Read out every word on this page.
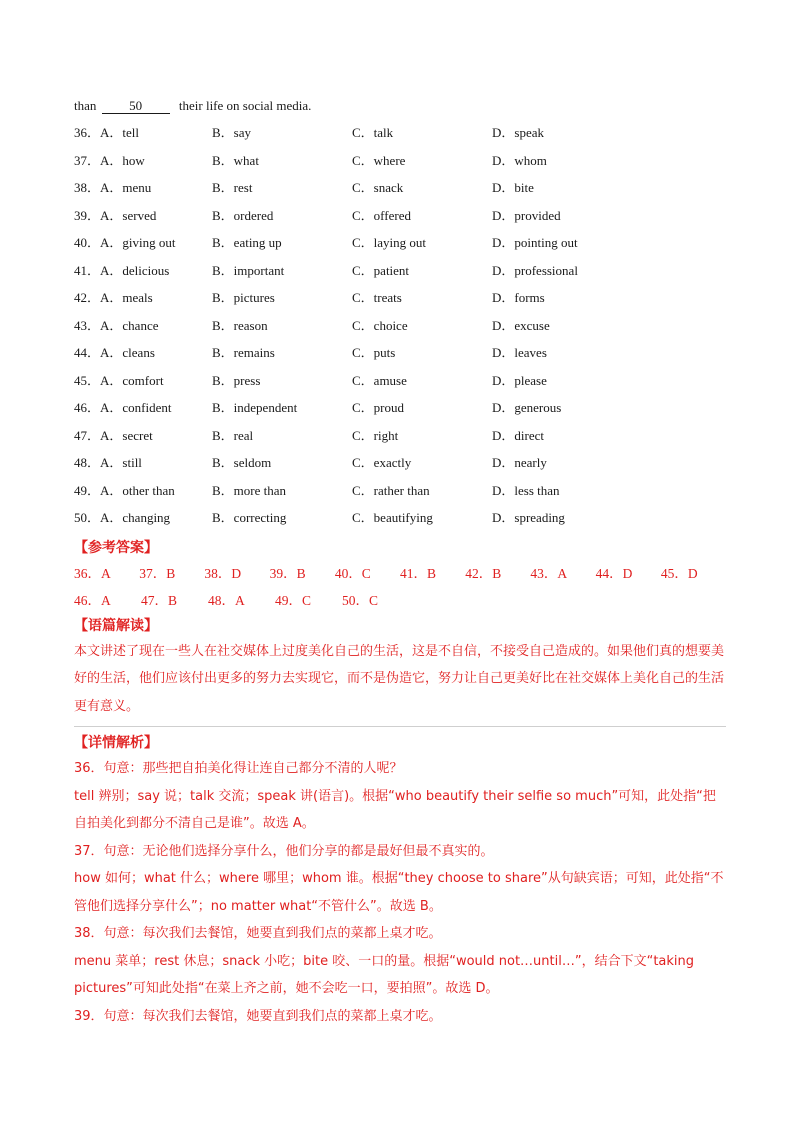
than	50	their life on social media.
36． A． tell	B． say	C． talk	D． speak
37． A． how	B． what	C． where	D． whom
38． A． menu	B． rest	C． snack	D． bite
39． A． served	B． ordered	C． offered	D． provided
40． A． giving out	B． eating up	C． laying out	D． pointing out
41． A． delicious	B． important	C． patient	D． professional
42． A． meals	B． pictures	C． treats	D． forms
43． A． chance	B． reason	C． choice	D． excuse
44． A． cleans	B． remains	C． puts	D． leaves
45． A． comfort	B． press	C． amuse	D． please
46． A． confident	B． independent	C． proud	D． generous
47． A． secret	B． real	C． right	D． direct
48． A． still	B． seldom	C． exactly	D． nearly
49． A． other than	B． more than	C． rather than	D． less than
50． A． changing	B． correcting	C． beautifying	D． spreading
【参考答案】
36．A	37．B	38．D	39．B	40．C	41．B	42．B	43．A	44．D	45．D
46．A	47．B	48．A	49．C	50．C
【语篇解读】
本文讲述了现在一些人在社交媒体上过度美化自己的生活，这是不自信，不接受自己造成的。如果他们真的想要美好的生活，他们应该付出更多的努力去实现它，而不是伪造它，努力让自己更美好比在社交媒体上美化自己的生活更有意义。
【详情解析】
36．句意：那些把自拍美化得让连自己都分不清的人呢？
tell 辨别；say 说；talk 交流；speak 讲(语言)。根据“who beautify their selfie so much”可知，此处指“把自拍美化到都分不清自己是谁”。故选 A。
37．句意：无论他们选择分享什么，他们分享的都是最好但最不真实的。
how 如何；what 什么；where 哪里；whom 谁。根据“they choose to share”从句缺宾语；可知，此处指“不管他们选择分享什么”；no matter what“不管什么”。故选 B。
38．句意：每次我们去餐馆，她要直到我们点的菜都上桌才吃。
menu 菜单；rest 休息；snack 小吃；bite 咬、一口的量。根据“would not…until…”，结合下文“taking pictures”可知此处指“在菜上齐之前，她不会吃一口，要拍照”。故选 D。
39．句意：每次我们去餐馆，她要直到我们点的菜都上桌才吃。
